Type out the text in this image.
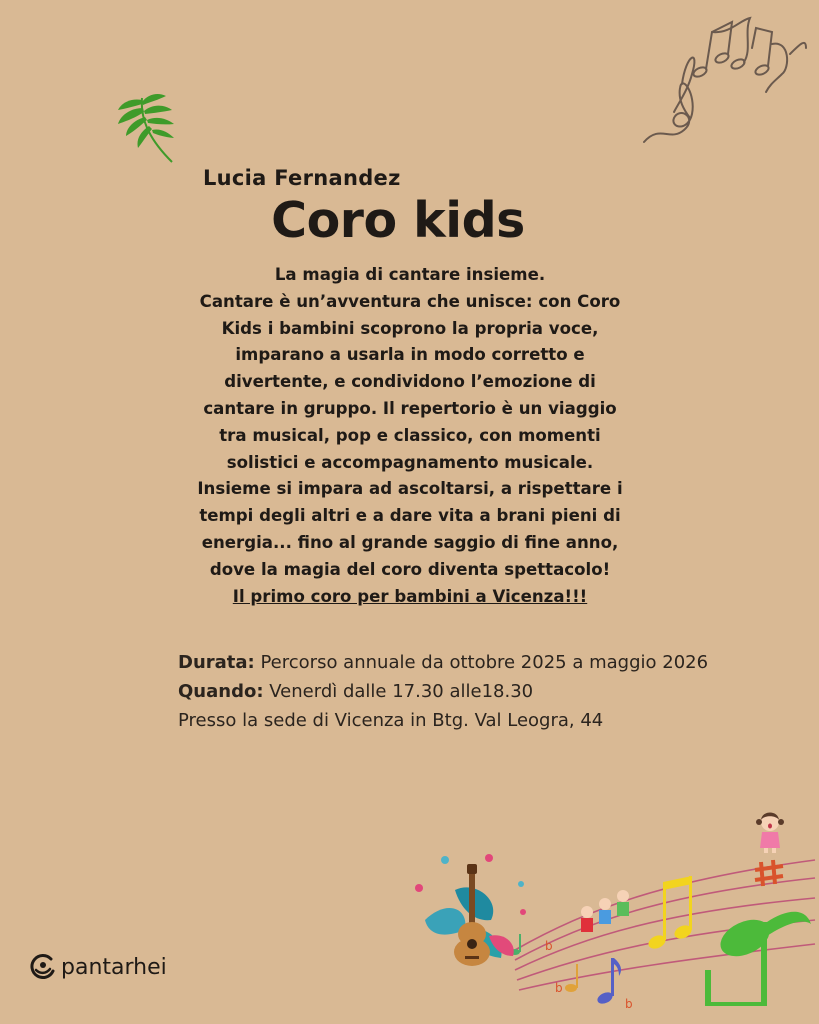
Lucia Fernandez
Coro kids
La magia di cantare insieme.
Cantare è un’avventura che unisce: con Coro
Kids i bambini scoprono la propria voce,
imparano a usarla in modo corretto e
divertente, e condividono l’emozione di
cantare in gruppo. Il repertorio è un viaggio
tra musical, pop e classico, con momenti
solistici e accompagnamento musicale.
Insieme si impara ad ascoltarsi, a rispettare i
tempi degli altri e a dare vita a brani pieni di
energia... fino al grande saggio di fine anno,
dove la magia del coro diventa spettacolo!
Il primo coro per bambini a Vicenza!!!
Durata: Percorso annuale da ottobre 2025 a maggio 2026
Quando: Venerdì dalle 17.30 alle18.30
Presso la sede di Vicenza in Btg. Val Leogra, 44
b
b
b
pantarhei
